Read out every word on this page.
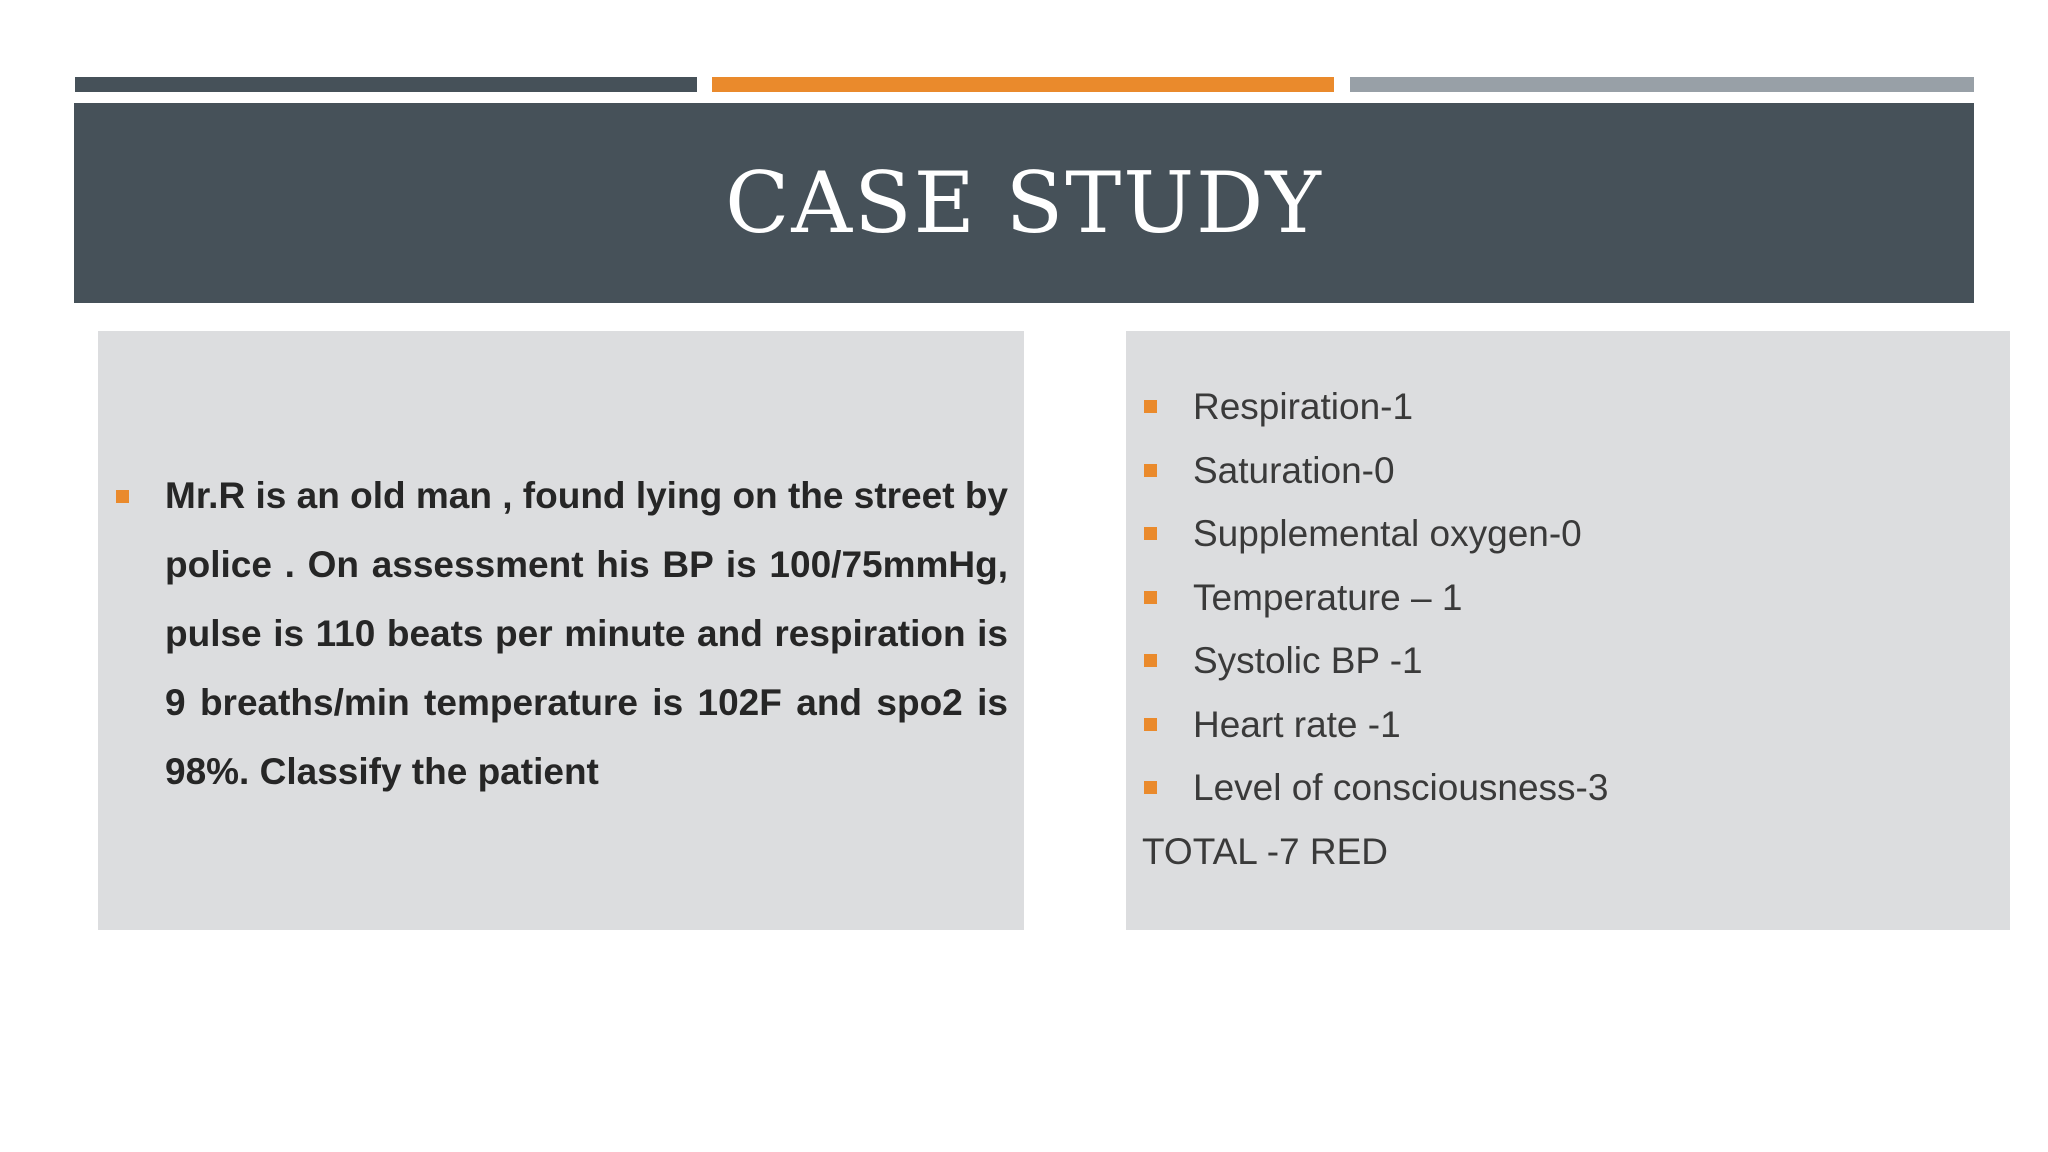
CASE STUDY

Mr.R is an old man , found lying on the street by police . On assessment his BP is 100/75mmHg, pulse is 110 beats per minute and respiration is 9 breaths/min temperature is 102F and spo2 is 98%. Classify the patient

Respiration-1
Saturation-0
Supplemental oxygen-0
Temperature – 1
Systolic BP -1
Heart rate -1
Level of consciousness-3
TOTAL -7 RED
